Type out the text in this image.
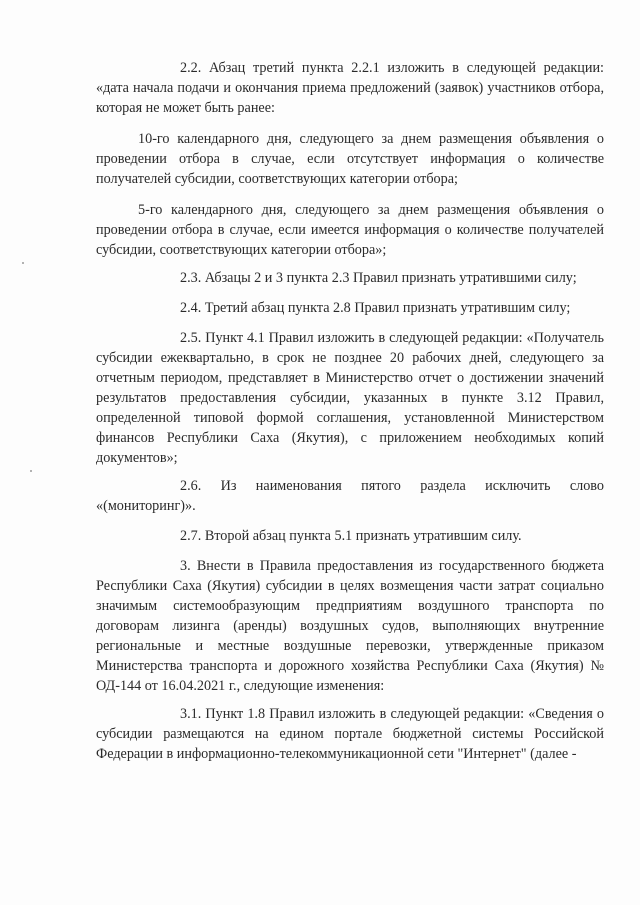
2.2. Абзац третий пункта 2.2.1 изложить в следующей редакции: «дата начала подачи и окончания приема предложений (заявок) участников отбора, которая не может быть ранее:

10-го календарного дня, следующего за днем размещения объявления о проведении отбора в случае, если отсутствует информация о количестве получателей субсидии, соответствующих категории отбора;

5-го календарного дня, следующего за днем размещения объявления о проведении отбора в случае, если имеется информация о количестве получателей субсидии, соответствующих категории отбора»;

2.3. Абзацы 2 и 3 пункта 2.3 Правил признать утратившими силу;

2.4. Третий абзац пункта 2.8 Правил признать утратившим силу;

2.5. Пункт 4.1 Правил изложить в следующей редакции: «Получатель субсидии ежеквартально, в срок не позднее 20 рабочих дней, следующего за отчетным периодом, представляет в Министерство отчет о достижении значений результатов предоставления субсидии, указанных в пункте 3.12 Правил, определенной типовой формой соглашения, установленной Министерством финансов Республики Саха (Якутия), с приложением необходимых копий документов»;

2.6. Из наименования пятого раздела исключить слово «(мониторинг)».

2.7. Второй абзац пункта 5.1 признать утратившим силу.

3. Внести в Правила предоставления из государственного бюджета Республики Саха (Якутия) субсидии в целях возмещения части затрат социально значимым системообразующим предприятиям воздушного транспорта по договорам лизинга (аренды) воздушных судов, выполняющих внутренние региональные и местные воздушные перевозки, утвержденные приказом Министерства транспорта и дорожного хозяйства Республики Саха (Якутия) № ОД-144 от 16.04.2021 г., следующие изменения:

3.1. Пункт 1.8 Правил изложить в следующей редакции: «Сведения о субсидии размещаются на едином портале бюджетной системы Российской Федерации в информационно-телекоммуникационной сети "Интернет" (далее -
